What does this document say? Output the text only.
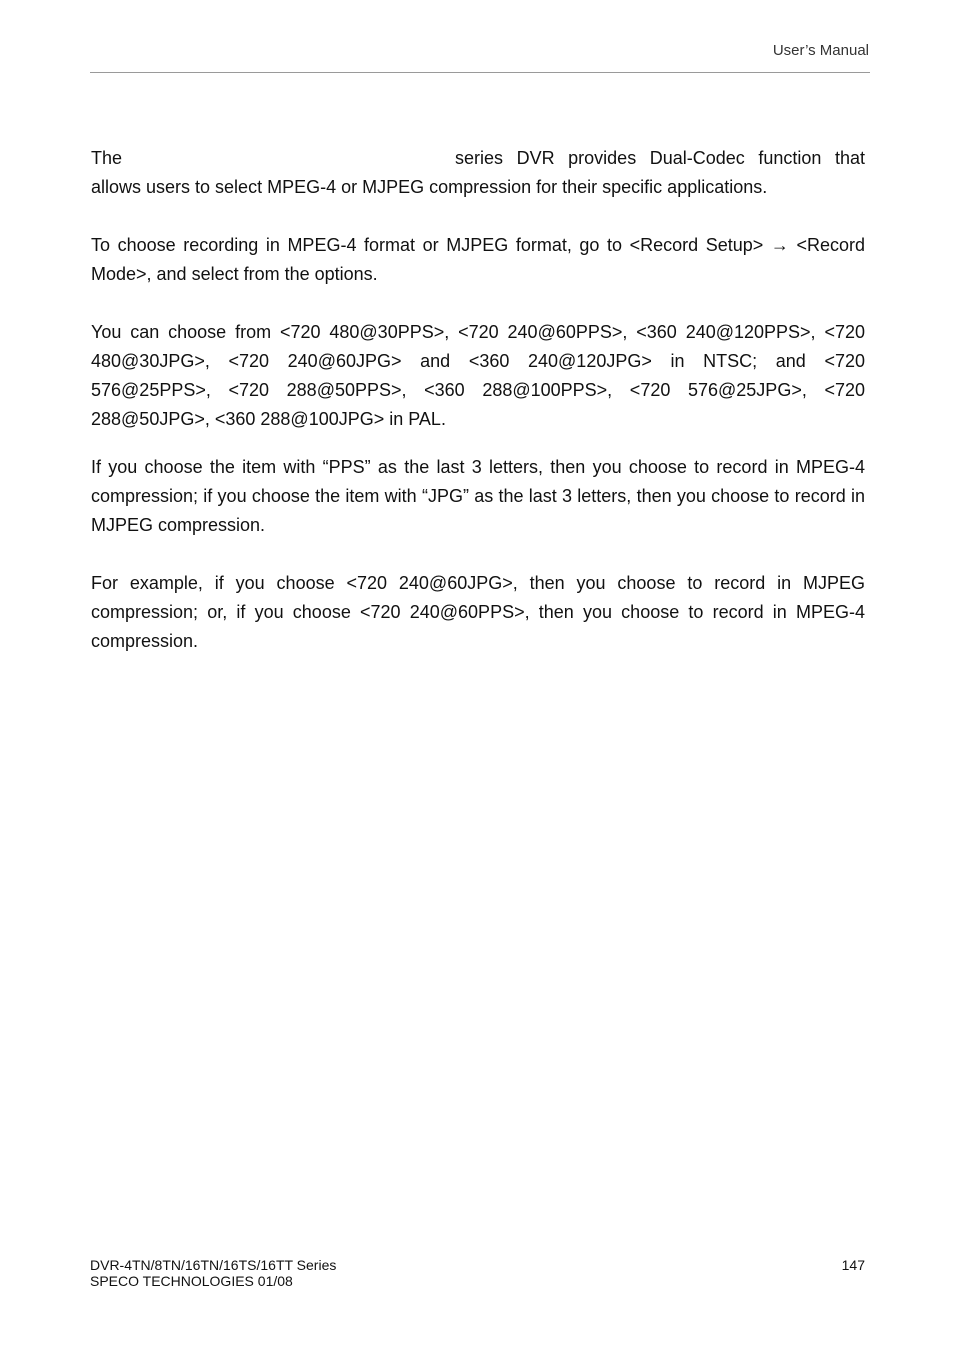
User’s Manual
The	series DVR provides Dual-Codec function that
allows users to select MPEG-4 or MJPEG compression for their specific applications.

To choose recording in MPEG-4 format or MJPEG format, go to <Record Setup> → <Record Mode>, and select from the options.

You can choose from <720 480@30PPS>, <720 240@60PPS>, <360 240@120PPS>, <720 480@30JPG>, <720 240@60JPG> and <360 240@120JPG> in NTSC; and <720 576@25PPS>, <720 288@50PPS>, <360 288@100PPS>, <720 576@25JPG>, <720 288@50JPG>, <360 288@100JPG> in PAL.

If you choose the item with “PPS” as the last 3 letters, then you choose to record in MPEG-4 compression; if you choose the item with “JPG” as the last 3 letters, then you choose to record in MJPEG compression.

For example, if you choose <720 240@60JPG>, then you choose to record in MJPEG compression; or, if you choose <720 240@60PPS>, then you choose to record in MPEG-4 compression.

DVR-4TN/8TN/16TN/16TS/16TT Series
SPECO TECHNOLOGIES 01/08
147
